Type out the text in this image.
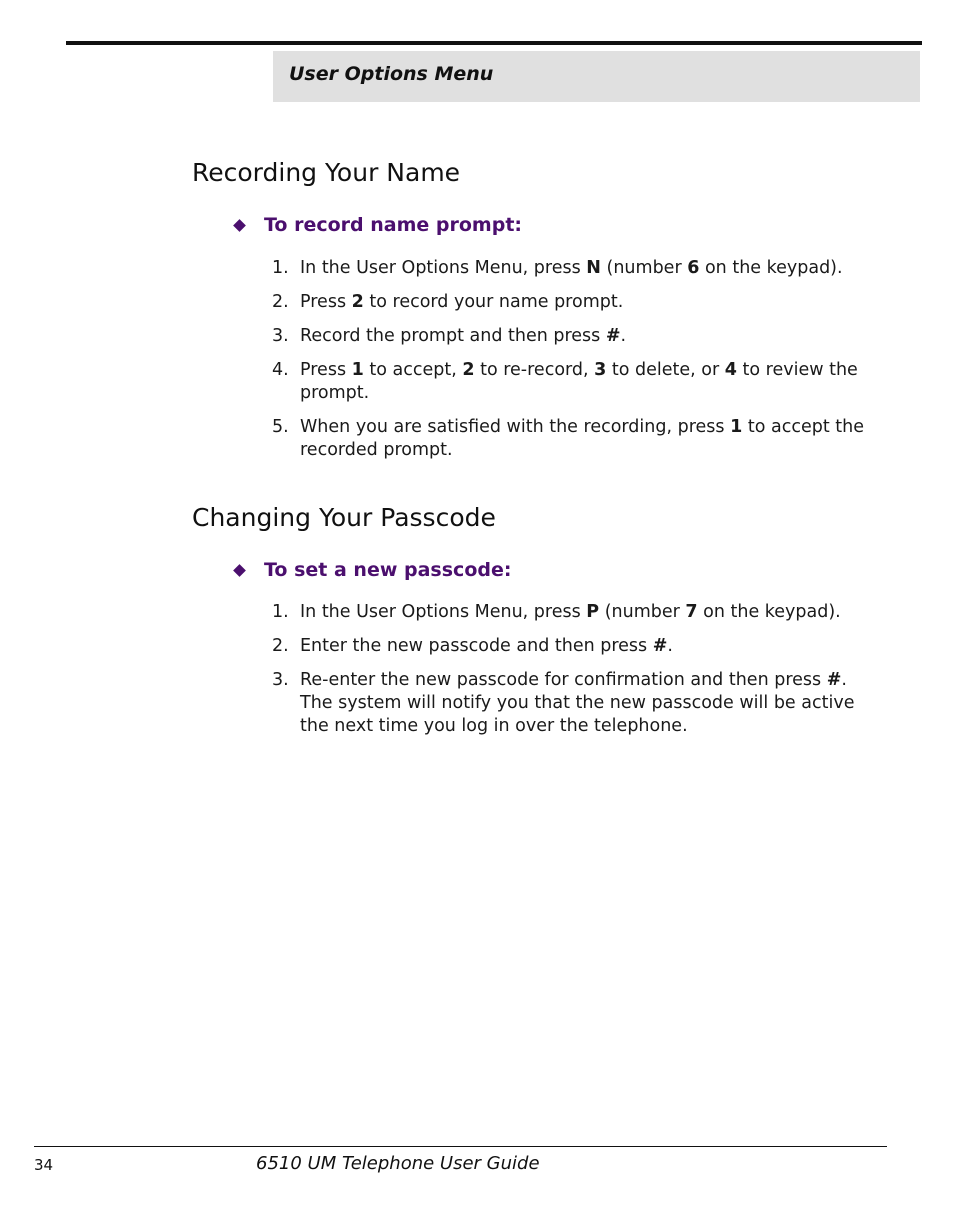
User Options Menu
Recording Your Name
To record name prompt:
1. In the User Options Menu, press N (number 6 on the keypad).
2. Press 2 to record your name prompt.
3. Record the prompt and then press #.
4. Press 1 to accept, 2 to re-record, 3 to delete, or 4 to review the prompt.
5. When you are satisfied with the recording, press 1 to accept the recorded prompt.
Changing Your Passcode
To set a new passcode:
1. In the User Options Menu, press P (number 7 on the keypad).
2. Enter the new passcode and then press #.
3. Re-enter the new passcode for confirmation and then press #. The system will notify you that the new passcode will be active the next time you log in over the telephone.
34	6510 UM Telephone User Guide
